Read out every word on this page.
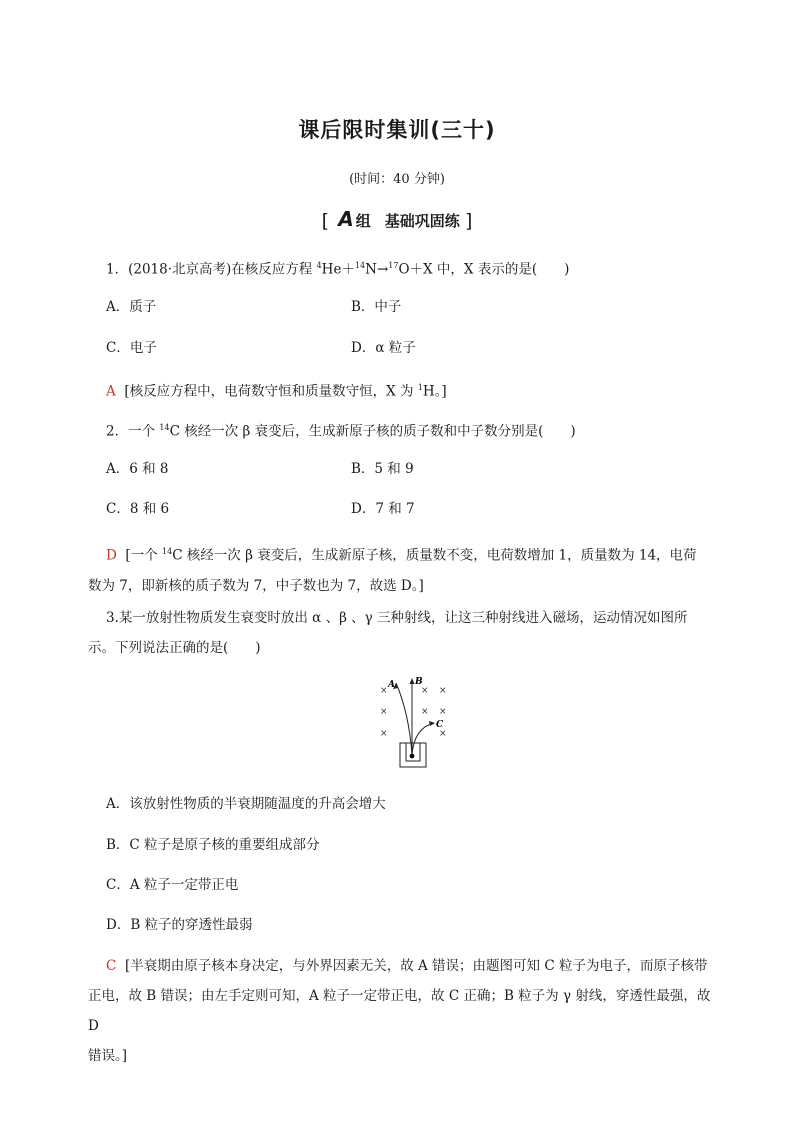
课后限时集训(三十)
(时间：40 分钟)
[ A 组 基础巩固练 ]
1．(2018·北京高考)在核反应方程 $^4$He＋$^{14}$N→$^{17}$O＋X 中，X 表示的是(　　)
A．质子	B．中子
C．电子	D．α 粒子
A [核反应方程中，电荷数守恒和质量数守恒，X 为 $^1$H。]
2．一个 $^{14}$C 核经一次 β 衰变后，生成新原子核的质子数和中子数分别是(　　)
A．6 和 8	B．5 和 9
C．8 和 6	D．7 和 7
D [一个 $^{14}$C 核经一次 β 衰变后，生成新原子核，质量数不变，电荷数增加 1，质量数为 14，电荷
数为 7，即新核的质子数为 7，中子数也为 7，故选 D。]
3.某一放射性物质发生衰变时放出 α 、β 、γ 三种射线，让这三种射线进入磁场，运动情况如图所
示。下列说法正确的是(　　)
×	× ×
×	× ×
×	×
A B
C
A．该放射性物质的半衰期随温度的升高会增大
B．C 粒子是原子核的重要组成部分
C．A 粒子一定带正电
D．B 粒子的穿透性最弱
C [半衰期由原子核本身决定，与外界因素无关，故 A 错误；由题图可知 C 粒子为电子，而原子核带
正电，故 B 错误；由左手定则可知，A 粒子一定带正电，故 C 正确；B 粒子为 γ 射线，穿透性最强，故 D
错误。]
